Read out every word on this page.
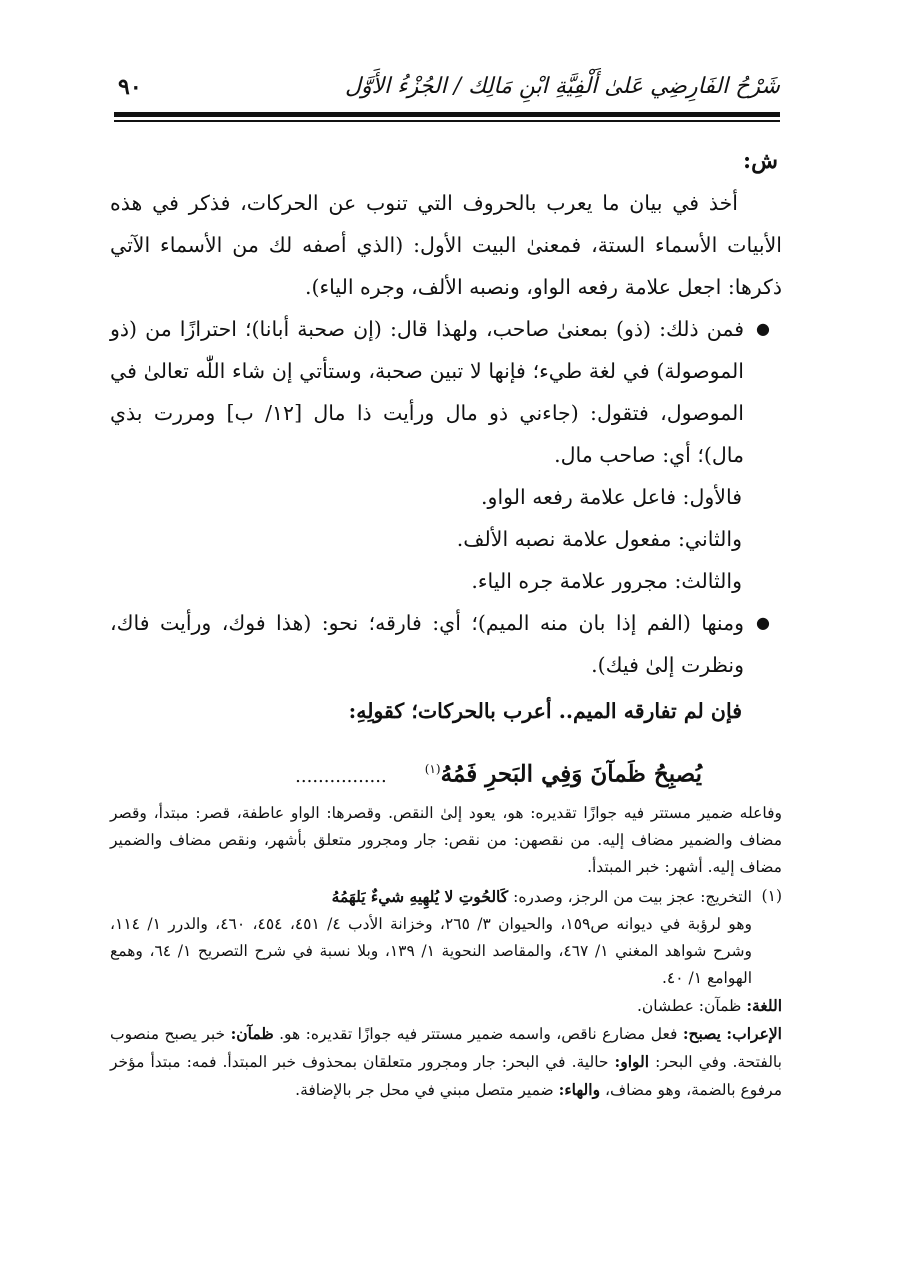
شَرْحُ الفَارِضِي عَلىٰ أَلْفِيَّةِ ابْنِ مَالِك / الجُزْءُ الأَوَّل
٩٠
ش:

أخذ في بيان ما يعرب بالحروف التي تنوب عن الحركات، فذكر في هذه الأبيات الأسماء الستة، فمعنىٰ البيت الأول: (الذي أصفه لك من الأسماء الآتي ذكرها: اجعل علامة رفعه الواو، ونصبه الألف، وجره الياء).

●
فمن ذلك: (ذو) بمعنىٰ صاحب، ولهذا قال: (إن صحبة أبانا)؛ احترازًا من (ذو الموصولة) في لغة طيء؛ فإنها لا تبين صحبة، وستأتي إن شاء اللّٰه تعالىٰ في الموصول، فتقول: (جاءني ذو مال ورأيت ذا مال [١٢/ ب] ومررت بذي مال)؛ أي: صاحب مال.

فالأول: فاعل علامة رفعه الواو.

والثاني: مفعول علامة نصبه الألف.

والثالث: مجرور علامة جره الياء.

●
ومنها (الفم إذا بان منه الميم)؛ أي: فارقه؛ نحو: (هذا فوك، ورأيت فاك، ونظرت إلىٰ فيك).

فإن لم تفارقه الميم.. أعرب بالحركات؛ كقولِهِ:

يُصبِحُ ظَمآنَ وَفِي البَحرِ فَمُهُ$^{(١)}$ ................

وفاعله ضمير مستتر فيه جوازًا تقديره: هو، يعود إلىٰ النقص. وقصرها: الواو عاطفة، قصر: مبتدأ، وقصر مضاف والضمير مضاف إليه. من نقصهن: من نقص: جار ومجرور متعلق بأشهر، ونقص مضاف والضمير مضاف إليه. أشهر: خبر المبتدأ.

(١)

التخريج: عجز بيت من الرجز، وصدره: كَالحُوتِ لا يُلهِيهِ شيءٌ يَلهَمُهُ

وهو لرؤبة في ديوانه ص١٥٩، والحيوان ٣/ ٢٦٥، وخزانة الأدب ٤/ ٤٥١، ٤٥٤، ٤٦٠، والدرر ١/ ١١٤، وشرح شواهد المغني ١/ ٤٦٧، والمقاصد النحوية ١/ ١٣٩، وبلا نسبة في شرح التصريح ١/ ٦٤، وهمع الهوامع ١/ ٤٠.

اللغة: ظمآن: عطشان.

الإعراب: يصبح: فعل مضارع ناقص، واسمه ضمير مستتر فيه جوازًا تقديره: هو. ظمآن: خبر يصبح منصوب بالفتحة. وفي البحر: الواو: حالية. في البحر: جار ومجرور متعلقان بمحذوف خبر المبتدأ. فمه: مبتدأ مؤخر مرفوع بالضمة، وهو مضاف، والهاء: ضمير متصل مبني في محل جر بالإضافة.
